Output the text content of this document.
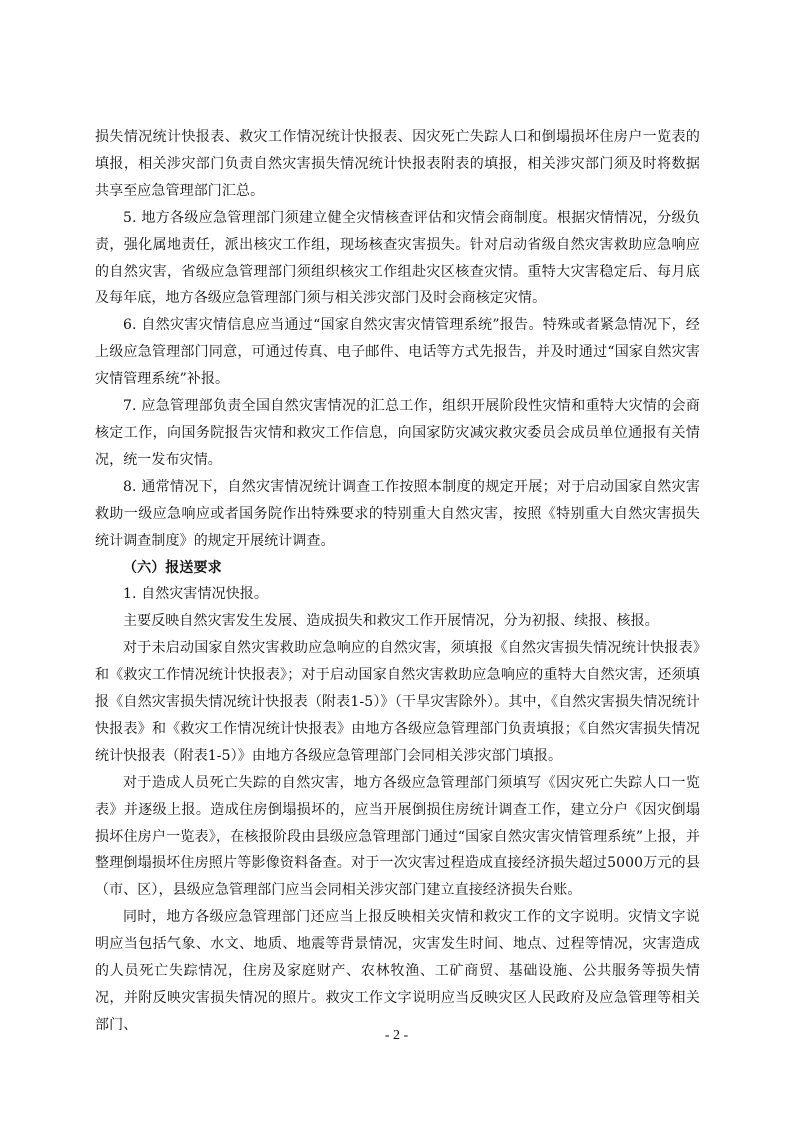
损失情况统计快报表、救灾工作情况统计快报表、因灾死亡失踪人口和倒塌损坏住房户一览表的填报，相关涉灾部门负责自然灾害损失情况统计快报表附表的填报，相关涉灾部门须及时将数据共享至应急管理部门汇总。

5. 地方各级应急管理部门须建立健全灾情核查评估和灾情会商制度。根据灾情情况，分级负责，强化属地责任，派出核灾工作组，现场核查灾害损失。针对启动省级自然灾害救助应急响应的自然灾害，省级应急管理部门须组织核灾工作组赴灾区核查灾情。重特大灾害稳定后、每月底及每年底，地方各级应急管理部门须与相关涉灾部门及时会商核定灾情。

6. 自然灾害灾情信息应当通过“国家自然灾害灾情管理系统”报告。特殊或者紧急情况下，经上级应急管理部门同意，可通过传真、电子邮件、电话等方式先报告，并及时通过“国家自然灾害灾情管理系统”补报。

7. 应急管理部负责全国自然灾害情况的汇总工作，组织开展阶段性灾情和重特大灾情的会商核定工作，向国务院报告灾情和救灾工作信息，向国家防灾减灾救灾委员会成员单位通报有关情况，统一发布灾情。

8. 通常情况下，自然灾害情况统计调查工作按照本制度的规定开展；对于启动国家自然灾害救助一级应急响应或者国务院作出特殊要求的特别重大自然灾害，按照《特别重大自然灾害损失统计调查制度》的规定开展统计调查。

（六）报送要求

1. 自然灾害情况快报。

主要反映自然灾害发生发展、造成损失和救灾工作开展情况，分为初报、续报、核报。

对于未启动国家自然灾害救助应急响应的自然灾害，须填报《自然灾害损失情况统计快报表》和《救灾工作情况统计快报表》；对于启动国家自然灾害救助应急响应的重特大自然灾害，还须填报《自然灾害损失情况统计快报表（附表1-5）》（干旱灾害除外）。其中，《自然灾害损失情况统计快报表》和《救灾工作情况统计快报表》由地方各级应急管理部门负责填报；《自然灾害损失情况统计快报表（附表1-5）》由地方各级应急管理部门会同相关涉灾部门填报。

对于造成人员死亡失踪的自然灾害，地方各级应急管理部门须填写《因灾死亡失踪人口一览表》并逐级上报。造成住房倒塌损坏的，应当开展倒损住房统计调查工作，建立分户《因灾倒塌损坏住房户一览表》，在核报阶段由县级应急管理部门通过“国家自然灾害灾情管理系统”上报，并整理倒塌损坏住房照片等影像资料备查。对于一次灾害过程造成直接经济损失超过5000万元的县（市、区），县级应急管理部门应当会同相关涉灾部门建立直接经济损失台账。

同时，地方各级应急管理部门还应当上报反映相关灾情和救灾工作的文字说明。灾情文字说明应当包括气象、水文、地质、地震等背景情况，灾害发生时间、地点、过程等情况，灾害造成的人员死亡失踪情况，住房及家庭财产、农林牧渔、工矿商贸、基础设施、公共服务等损失情况，并附反映灾害损失情况的照片。救灾工作文字说明应当反映灾区人民政府及应急管理等相关部门、

- 2 -
